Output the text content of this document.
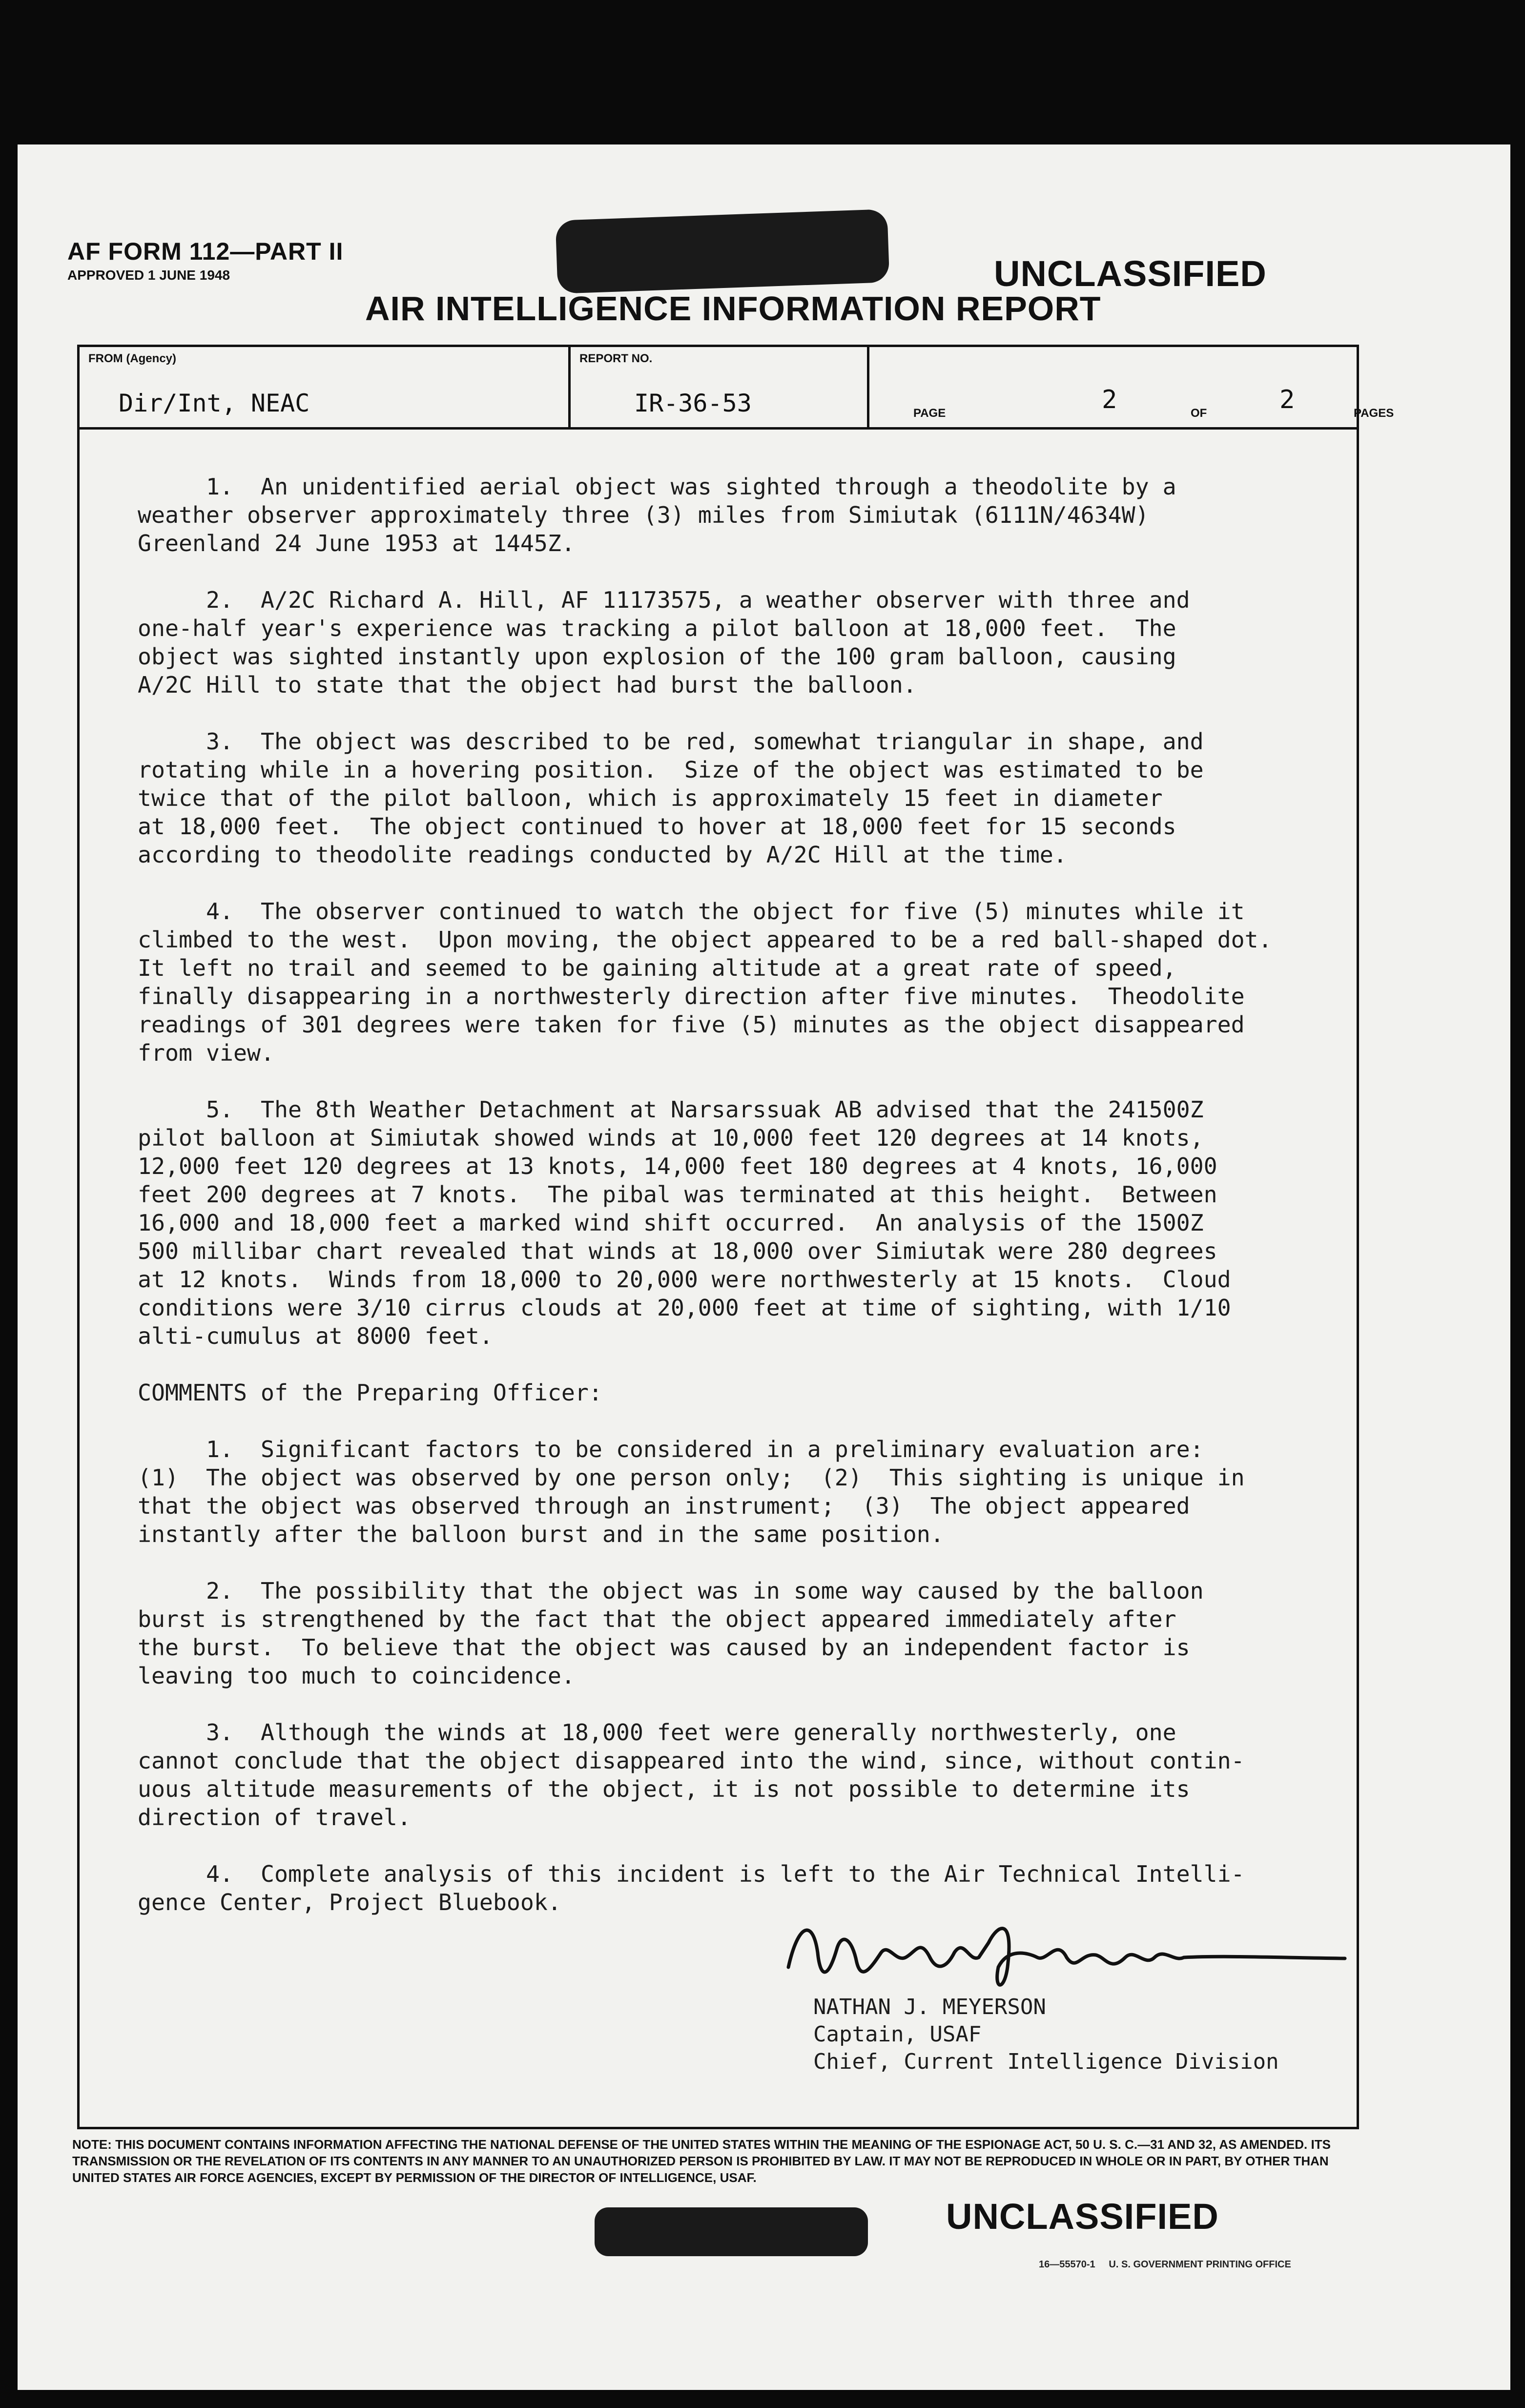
AF FORM 112—PART II
APPROVED 1 JUNE 1948	UNCLASSIFIED
AIR INTELLIGENCE INFORMATION REPORT
FROM (Agency)
Dir/Int, NEAC
REPORT NO.
IR-36-53	PAGE	2	OF	2	PAGES

1.  An unidentified aerial object was sighted through a theodolite by a
weather observer approximately three (3) miles from Simiutak (6111N/4634W)
Greenland 24 June 1953 at 1445Z.

2.  A/2C Richard A. Hill, AF 11173575, a weather observer with three and
one-half year's experience was tracking a pilot balloon at 18,000 feet.  The
object was sighted instantly upon explosion of the 100 gram balloon, causing
A/2C Hill to state that the object had burst the balloon.

3.  The object was described to be red, somewhat triangular in shape, and
rotating while in a hovering position.  Size of the object was estimated to be
twice that of the pilot balloon, which is approximately 15 feet in diameter
at 18,000 feet.  The object continued to hover at 18,000 feet for 15 seconds
according to theodolite readings conducted by A/2C Hill at the time.

4.  The observer continued to watch the object for five (5) minutes while it
climbed to the west.  Upon moving, the object appeared to be a red ball-shaped dot.
It left no trail and seemed to be gaining altitude at a great rate of speed,
finally disappearing in a northwesterly direction after five minutes.  Theodolite
readings of 301 degrees were taken for five (5) minutes as the object disappeared
from view.

5.  The 8th Weather Detachment at Narsarssuak AB advised that the 241500Z
pilot balloon at Simiutak showed winds at 10,000 feet 120 degrees at 14 knots,
12,000 feet 120 degrees at 13 knots, 14,000 feet 180 degrees at 4 knots, 16,000
feet 200 degrees at 7 knots.  The pibal was terminated at this height.  Between
16,000 and 18,000 feet a marked wind shift occurred.  An analysis of the 1500Z
500 millibar chart revealed that winds at 18,000 over Simiutak were 280 degrees
at 12 knots.  Winds from 18,000 to 20,000 were northwesterly at 15 knots.  Cloud
conditions were 3/10 cirrus clouds at 20,000 feet at time of sighting, with 1/10
alti-cumulus at 8000 feet.

COMMENTS of the Preparing Officer:

1.  Significant factors to be considered in a preliminary evaluation are:
(1)  The object was observed by one person only;  (2)  This sighting is unique in
that the object was observed through an instrument;  (3)  The object appeared
instantly after the balloon burst and in the same position.

2.  The possibility that the object was in some way caused by the balloon
burst is strengthened by the fact that the object appeared immediately after
the burst.  To believe that the object was caused by an independent factor is
leaving too much to coincidence.

3.  Although the winds at 18,000 feet were generally northwesterly, one
cannot conclude that the object disappeared into the wind, since, without contin-
uous altitude measurements of the object, it is not possible to determine its
direction of travel.

4.  Complete analysis of this incident is left to the Air Technical Intelli-
gence Center, Project Bluebook.

NATHAN J. MEYERSON
Captain, USAF
Chief, Current Intelligence Division
NOTE: THIS DOCUMENT CONTAINS INFORMATION AFFECTING THE NATIONAL DEFENSE OF THE UNITED STATES WITHIN THE MEANING OF THE ESPIONAGE ACT, 50 U. S. C.—31 AND 32, AS AMENDED. ITS TRANSMISSION OR THE REVELATION OF ITS CONTENTS IN ANY MANNER TO AN UNAUTHORIZED PERSON IS PROHIBITED BY LAW. IT MAY NOT BE REPRODUCED IN WHOLE OR IN PART, BY OTHER THAN UNITED STATES AIR FORCE AGENCIES, EXCEPT BY PERMISSION OF THE DIRECTOR OF INTELLIGENCE, USAF.
UNCLASSIFIED
16—55570-1     U. S. GOVERNMENT PRINTING OFFICE
